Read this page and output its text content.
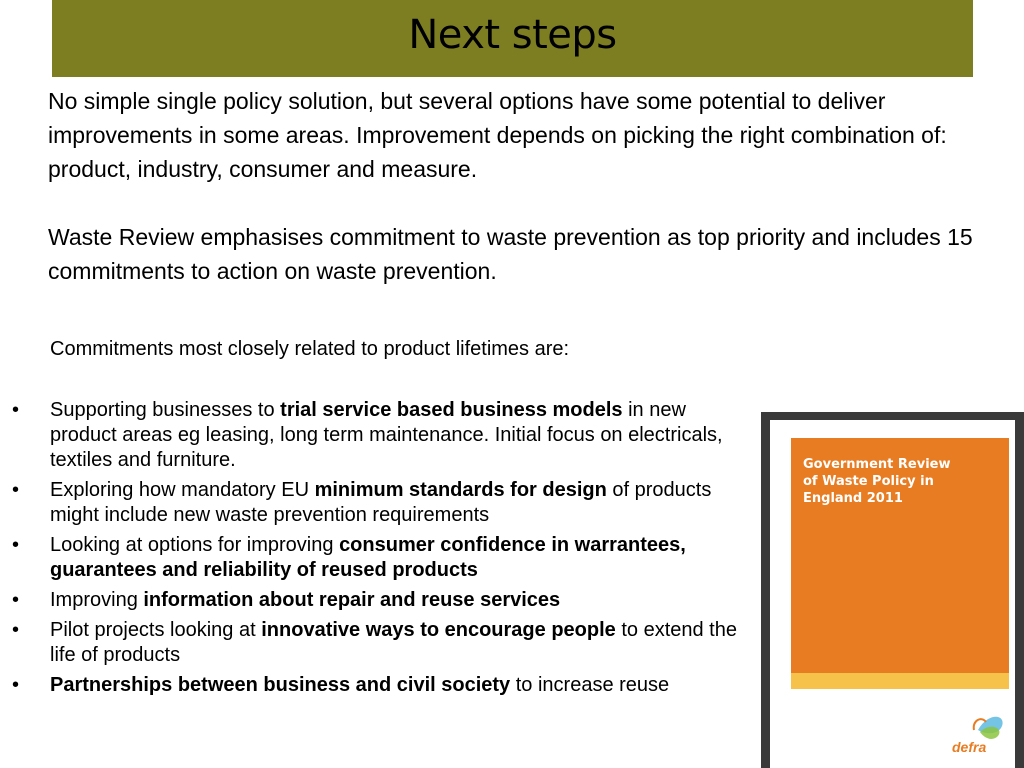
Next steps

No simple single policy solution, but several options have some potential to deliver improvements in some areas. Improvement depends on picking the right combination of: product, industry, consumer and measure.

Waste Review emphasises commitment to waste prevention as top priority and includes 15 commitments to action on waste prevention.

Commitments most closely related to product lifetimes are:

• Supporting businesses to trial service based business models in new product areas eg leasing, long term maintenance. Initial focus on electricals, textiles and furniture.
• Exploring how mandatory EU minimum standards for design of products might include new waste prevention requirements
• Looking at options for improving consumer confidence in warrantees, guarantees and reliability of reused products
• Improving information about repair and reuse services
• Pilot projects looking at innovative ways to encourage people to extend the life of products
• Partnerships between business and civil society to increase reuse

Government Review
of Waste Policy in
England 2011

defra
